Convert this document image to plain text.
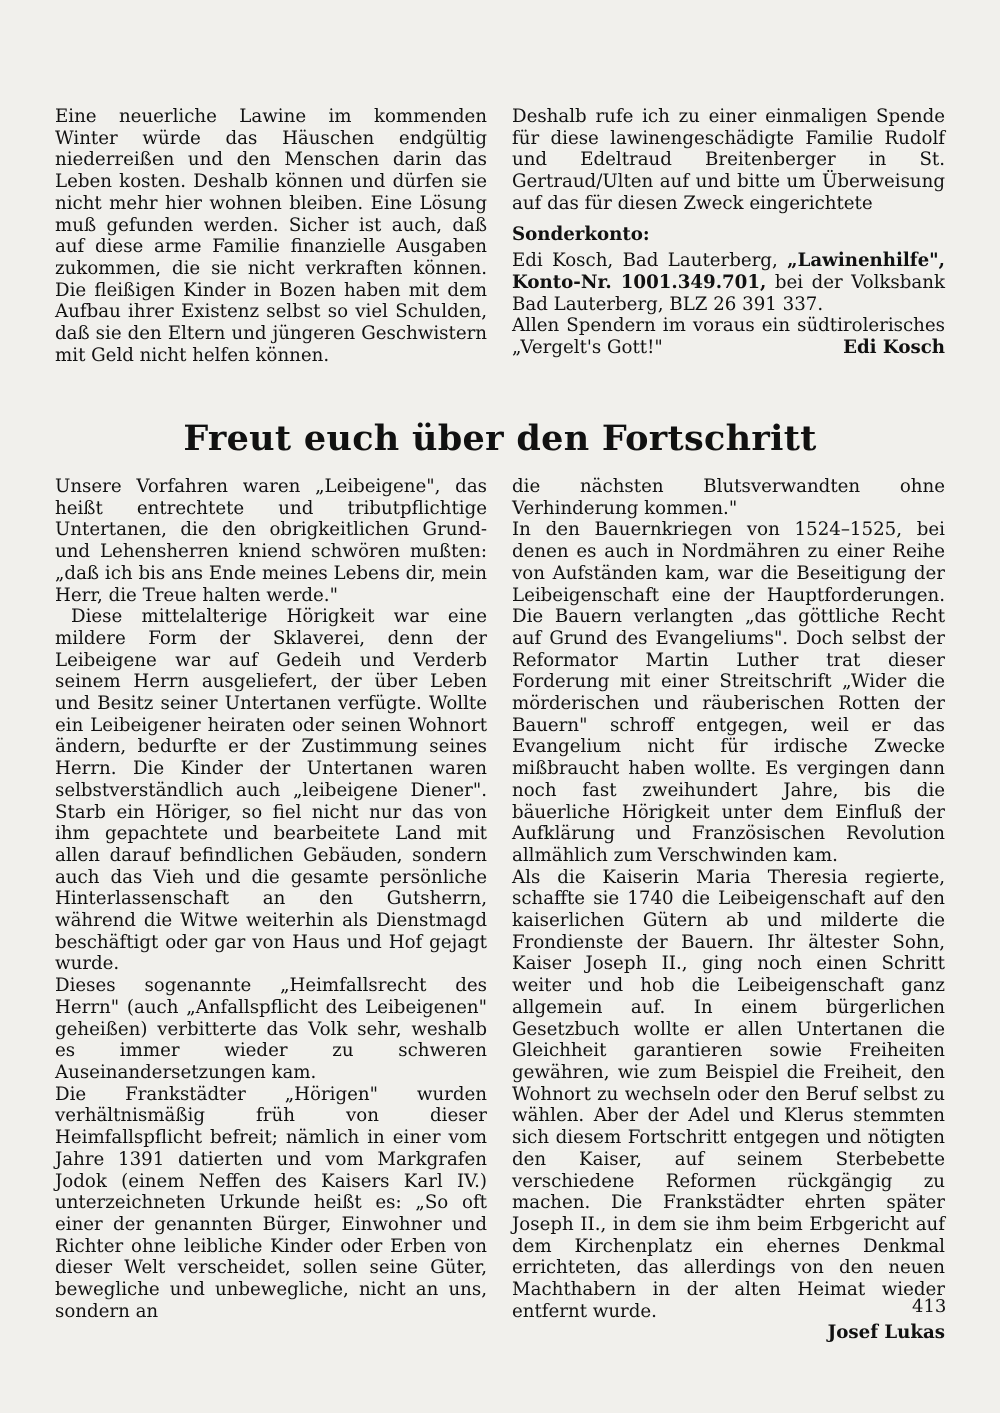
Eine neuerliche Lawine im kommenden Winter würde das Häuschen endgültig niederreißen und den Menschen darin das Leben kosten. Deshalb können und dürfen sie nicht mehr hier wohnen bleiben. Eine Lösung muß gefunden werden. Sicher ist auch, daß auf diese arme Familie finanzielle Ausgaben zukommen, die sie nicht verkraften können. Die fleißigen Kinder in Bozen haben mit dem Aufbau ihrer Existenz selbst so viel Schulden, daß sie den Eltern und jüngeren Geschwistern mit Geld nicht helfen können.

Deshalb rufe ich zu einer einmaligen Spende für diese lawinengeschädigte Familie Rudolf und Edeltraud Breitenberger in St. Gertraud/Ulten auf und bitte um Überweisung auf das für diesen Zweck eingerichtete

Sonderkonto:

Edi Kosch, Bad Lauterberg, „Lawinenhilfe", Konto-Nr. 1001.349.701, bei der Volksbank Bad Lauterberg, BLZ 26 391 337.

Allen Spendern im voraus ein südtirolerisches „Vergelt's Gott!"	Edi Kosch

Freut euch über den Fortschritt

Unsere Vorfahren waren „Leibeigene", das heißt entrechtete und tributpflichtige Untertanen, die den obrigkeitlichen Grund- und Lehensherren kniend schwören mußten: „daß ich bis ans Ende meines Lebens dir, mein Herr, die Treue halten werde."

Diese mittelalterige Hörigkeit war eine mildere Form der Sklaverei, denn der Leibeigene war auf Gedeih und Verderb seinem Herrn ausgeliefert, der über Leben und Besitz seiner Untertanen verfügte. Wollte ein Leibeigener heiraten oder seinen Wohnort ändern, bedurfte er der Zustimmung seines Herrn. Die Kinder der Untertanen waren selbstverständlich auch „leibeigene Diener". Starb ein Höriger, so fiel nicht nur das von ihm gepachtete und bearbeitete Land mit allen darauf befindlichen Gebäuden, sondern auch das Vieh und die gesamte persönliche Hinterlassenschaft an den Gutsherrn, während die Witwe weiterhin als Dienstmagd beschäftigt oder gar von Haus und Hof gejagt wurde.

Dieses sogenannte „Heimfallsrecht des Herrn" (auch „Anfallspflicht des Leibeigenen" geheißen) verbitterte das Volk sehr, weshalb es immer wieder zu schweren Auseinandersetzungen kam.

Die Frankstädter „Hörigen" wurden verhältnismäßig früh von dieser Heimfallspflicht befreit; nämlich in einer vom Jahre 1391 datierten und vom Markgrafen Jodok (einem Neffen des Kaisers Karl IV.) unterzeichneten Urkunde heißt es: „So oft einer der genannten Bürger, Einwohner und Richter ohne leibliche Kinder oder Erben von dieser Welt verscheidet, sollen seine Güter, bewegliche und unbewegliche, nicht an uns, sondern an

die nächsten Blutsverwandten ohne Verhinderung kommen."

In den Bauernkriegen von 1524–1525, bei denen es auch in Nordmähren zu einer Reihe von Aufständen kam, war die Beseitigung der Leibeigenschaft eine der Hauptforderungen. Die Bauern verlangten „das göttliche Recht auf Grund des Evangeliums". Doch selbst der Reformator Martin Luther trat dieser Forderung mit einer Streitschrift „Wider die mörderischen und räuberischen Rotten der Bauern" schroff entgegen, weil er das Evangelium nicht für irdische Zwecke mißbraucht haben wollte. Es vergingen dann noch fast zweihundert Jahre, bis die bäuerliche Hörigkeit unter dem Einfluß der Aufklärung und Französischen Revolution allmählich zum Verschwinden kam.

Als die Kaiserin Maria Theresia regierte, schaffte sie 1740 die Leibeigenschaft auf den kaiserlichen Gütern ab und milderte die Frondienste der Bauern. Ihr ältester Sohn, Kaiser Joseph II., ging noch einen Schritt weiter und hob die Leibeigenschaft ganz allgemein auf. In einem bürgerlichen Gesetzbuch wollte er allen Untertanen die Gleichheit garantieren sowie Freiheiten gewähren, wie zum Beispiel die Freiheit, den Wohnort zu wechseln oder den Beruf selbst zu wählen. Aber der Adel und Klerus stemmten sich diesem Fortschritt entgegen und nötigten den Kaiser, auf seinem Sterbebette verschiedene Reformen rückgängig zu machen. Die Frankstädter ehrten später Joseph II., in dem sie ihm beim Erbgericht auf dem Kirchenplatz ein ehernes Denkmal errichteten, das allerdings von den neuen Machthabern in der alten Heimat wieder entfernt wurde.

Josef Lukas

413
